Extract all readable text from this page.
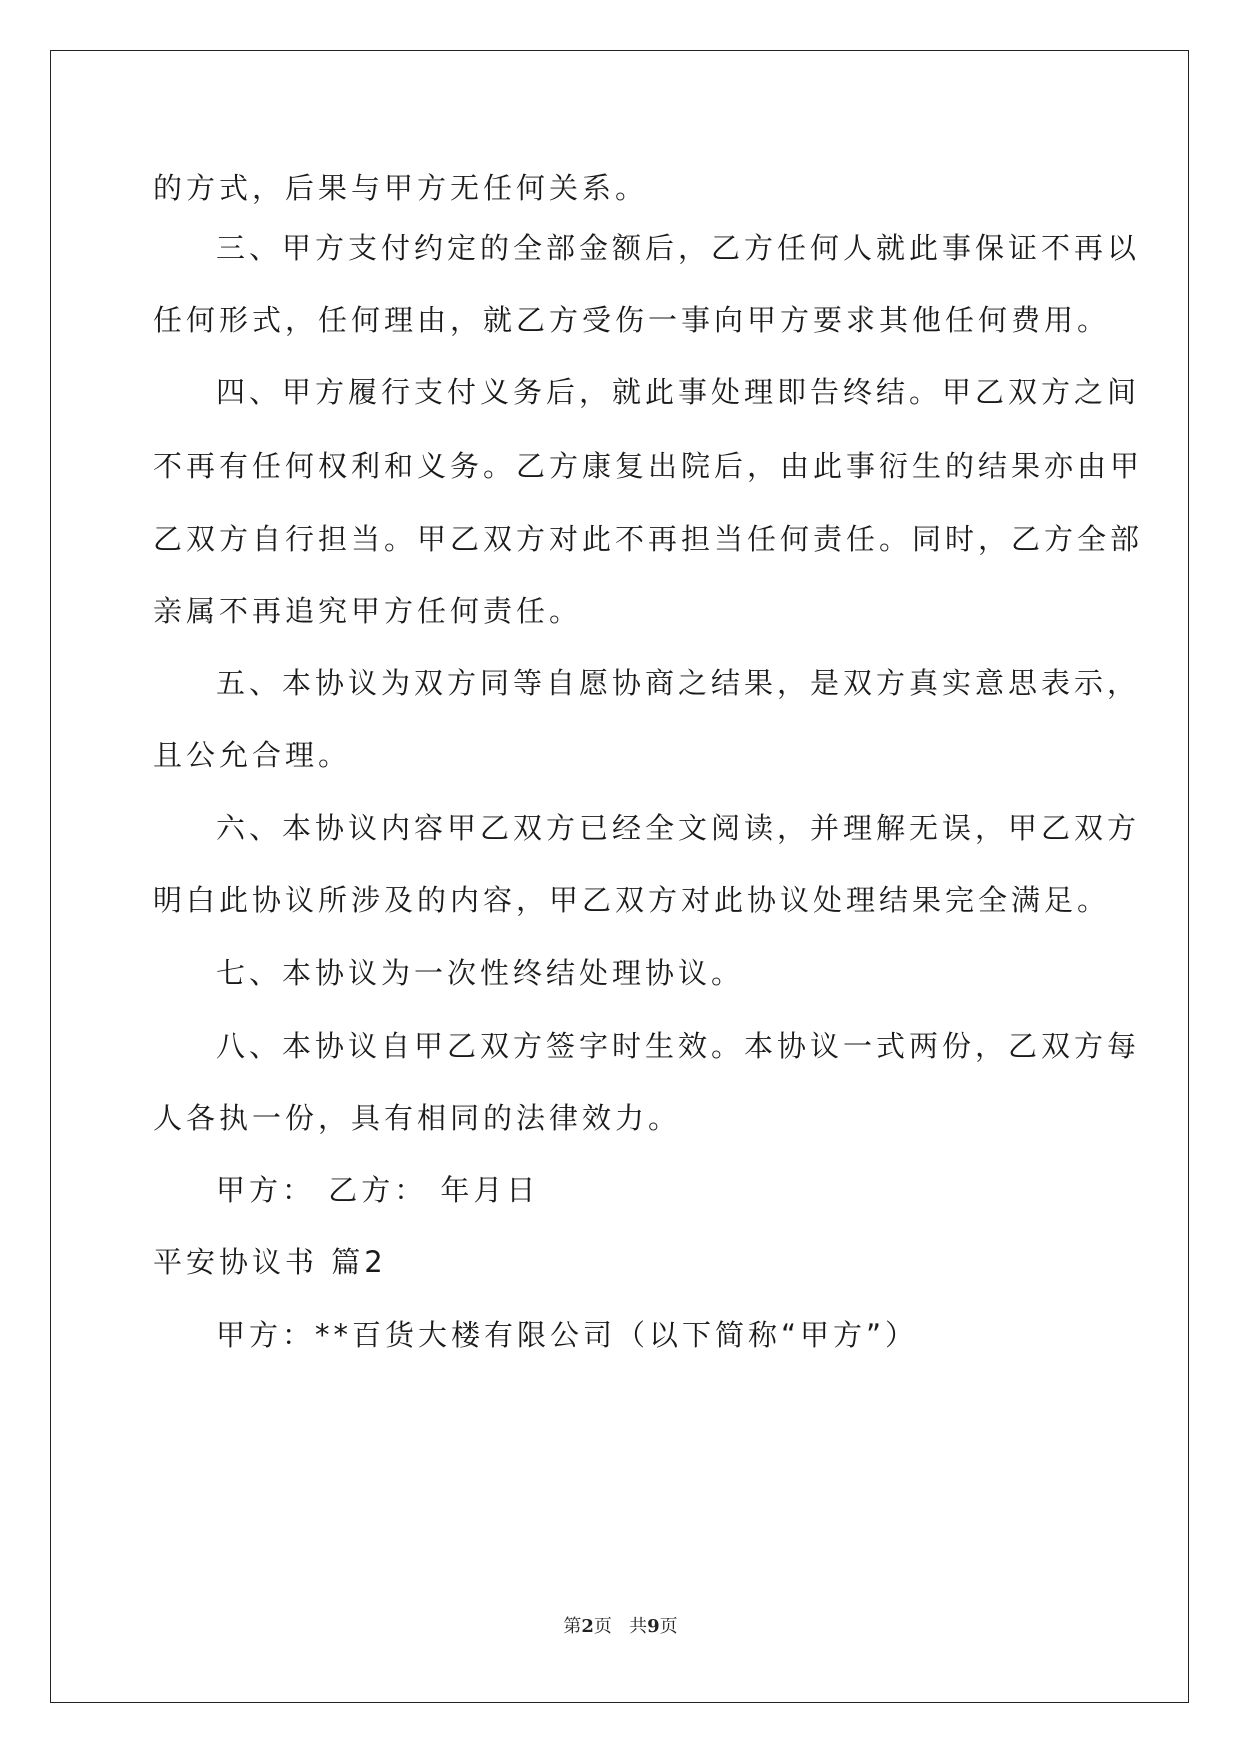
的方式，后果与甲方无任何关系。
三、甲方支付约定的全部金额后，乙方任何人就此事保证不再以
任何形式，任何理由，就乙方受伤一事向甲方要求其他任何费用。
四、甲方履行支付义务后，就此事处理即告终结。甲乙双方之间
不再有任何权利和义务。乙方康复出院后，由此事衍生的结果亦由甲
乙双方自行担当。甲乙双方对此不再担当任何责任。同时，乙方全部
亲属不再追究甲方任何责任。
五、本协议为双方同等自愿协商之结果，是双方真实意思表示，
且公允合理。
六、本协议内容甲乙双方已经全文阅读，并理解无误，甲乙双方
明白此协议所涉及的内容，甲乙双方对此协议处理结果完全满足。
七、本协议为一次性终结处理协议。
八、本协议自甲乙双方签字时生效。本协议一式两份，乙双方每
人各执一份，具有相同的法律效力。
甲方： 乙方： 年月日
平安协议书 篇2
甲方：**百货大楼有限公司（以下简称“甲方”）
第2页 共9页
